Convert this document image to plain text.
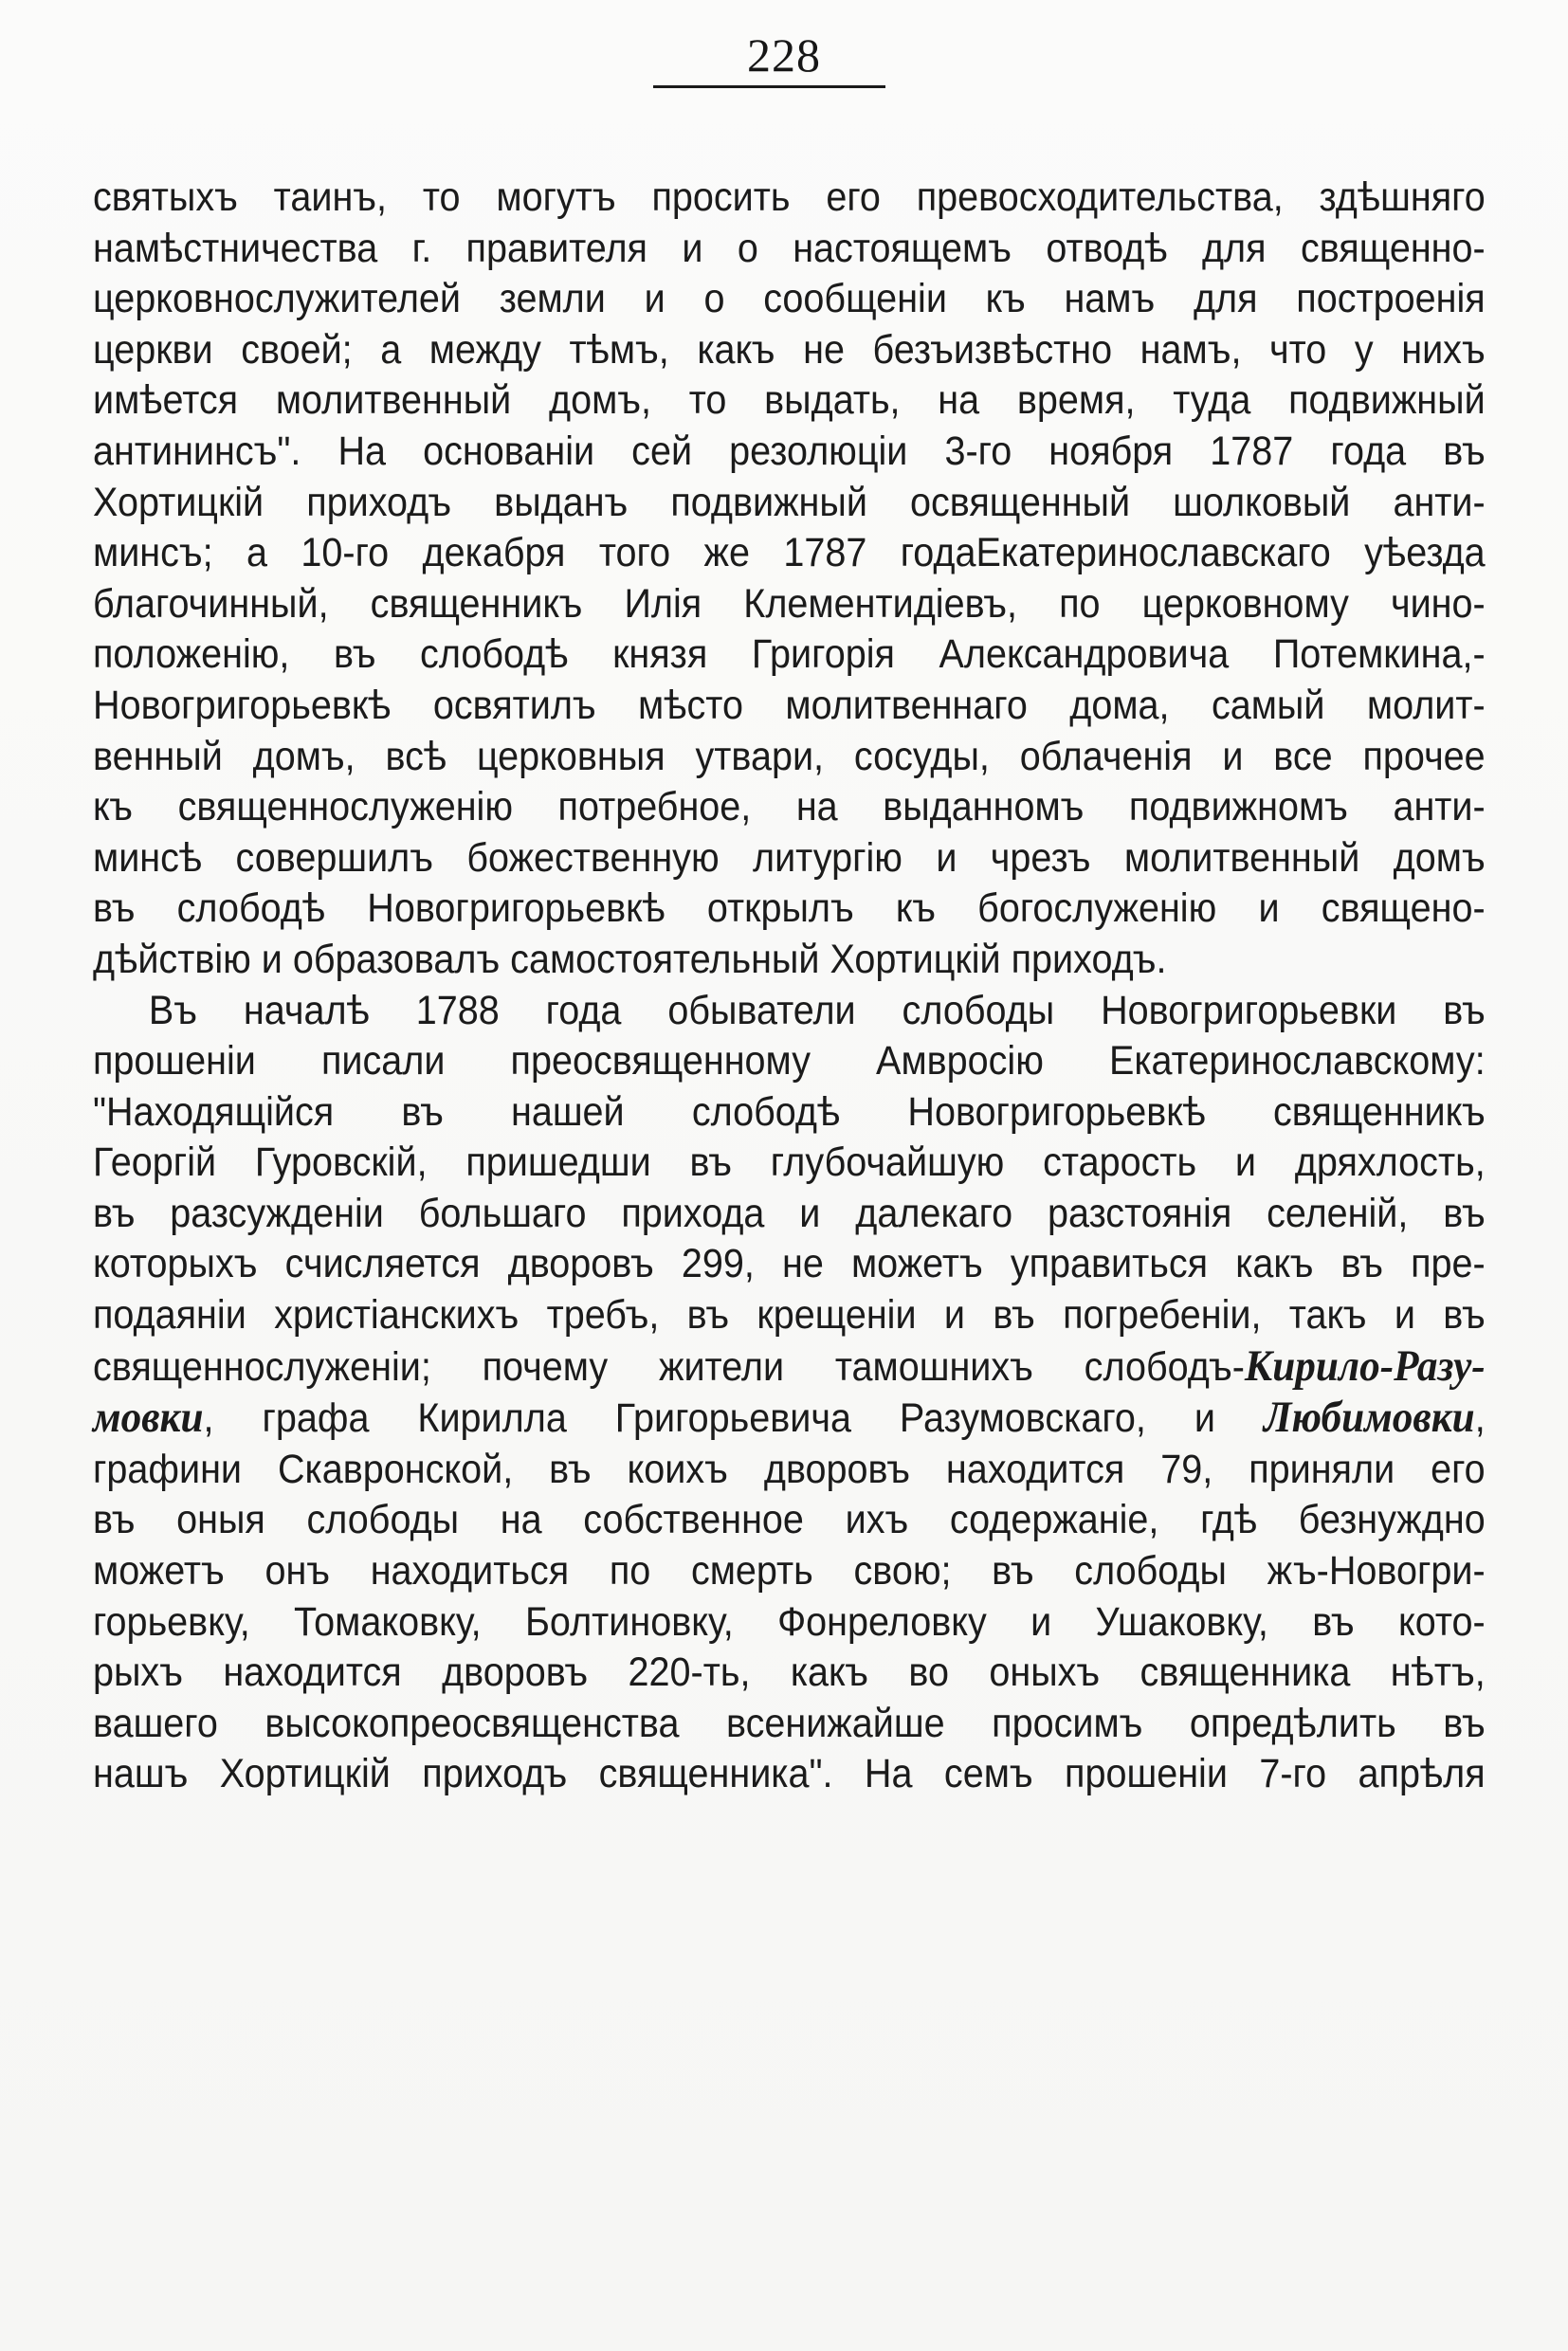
228
святыхъ таинъ, то могутъ просить его превосходительства, здѣшняго
намѣстничества г. правителя и о настоящемъ отводѣ для священно-
церковнослужителей земли и о сообщенiи къ намъ для построенiя
церкви своей; а между тѣмъ, какъ не безъизвѣстно намъ, что у нихъ
имѣется молитвенный домъ, то выдать, на время, туда подвижный
антининсъ". На основанiи сей резолюцiи 3-го ноября 1787 года въ
Хортицкiй приходъ выданъ подвижный освященный шолковый анти-
минсъ; а 10-го декабря того же 1787 годаЕкатеринославскаго уѣезда
благочинный, священникъ Илiя Клементидiевъ, по церковному чино-
положенiю, въ слободѣ князя Григорiя Александровича Потемкина,-
Новогригорьевкѣ освятилъ мѣсто молитвеннаго дома, самый молит-
венный домъ, всѣ церковныя утвари, сосуды, облаченiя и все прочее
къ священнослуженiю потребное, на выданномъ подвижномъ анти-
минсѣ совершилъ божественную литургiю и чрезъ молитвенный домъ
въ слободѣ Новогригорьевкѣ открылъ къ богослуженiю и священо-
дѣйствiю и образовалъ самостоятельный Хортицкiй приходъ.
Въ началѣ 1788 года обыватели слободы Новогригорьевки въ
прошенiи писали преосвященному Амвросiю Екатеринославскому:
"Находящiйся въ нашей слободѣ Новогригорьевкѣ священникъ
Георгiй Гуровскiй, пришедши въ глубочайшую старость и дряхлость,
въ разсужденiи большаго прихода и далекаго разстоянiя селенiй, въ
которыхъ счисляется дворовъ 299, не можетъ управиться какъ въ пре-
подаянiи христiанскихъ требъ, въ крещенiи и въ погребенiи, такъ и въ
священнослуженiи; почему жители тамошнихъ слободъ-Кирило-Разу-
мовки, графа Кирилла Григорьевича Разумовскаго, и Любимовки,
графини Скавронской, въ коихъ дворовъ находится 79, приняли его
въ оныя слободы на собственное ихъ содержанiе, гдѣ безнуждно
можетъ онъ находиться по смерть свою; въ слободы жъ-Новогри-
горьевку, Томаковку, Болтиновку, Фонреловку и Ушаковку, въ кото-
рыхъ находится дворовъ 220-ть, какъ во оныхъ священника нѣтъ,
вашего высокопреосвященства всенижайше просимъ опредѣлить въ
нашъ Хортицкiй приходъ священника". На семъ прошенiи 7-го апрѣля
